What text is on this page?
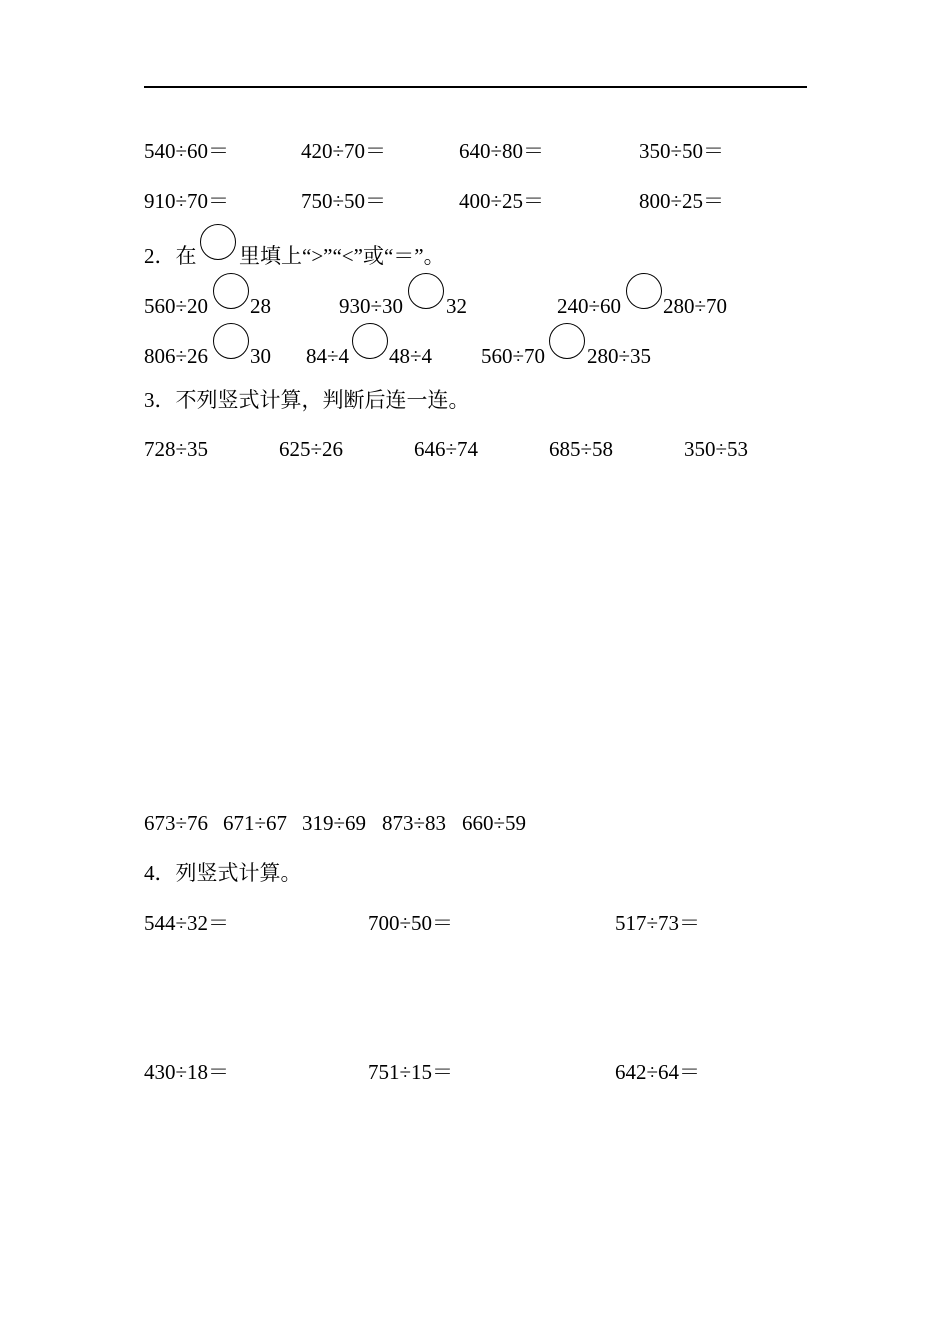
540÷60＝	420÷70＝	640÷80＝	350÷50＝
910÷70＝	750÷50＝	400÷25＝	800÷25＝
2．在 里填上“>”“<”或“＝”。
560÷20 28	930÷30 32	240÷60 280÷70
806÷26 30 84÷4 48÷4 560÷70 280÷35
3．不列竖式计算，判断后连一连。
728÷35	625÷26	646÷74	685÷58	350÷53
673÷76 671÷67 319÷69 873÷83 660÷59
4．列竖式计算。
544÷32＝	700÷50＝	517÷73＝
430÷18＝	751÷15＝	642÷64＝
